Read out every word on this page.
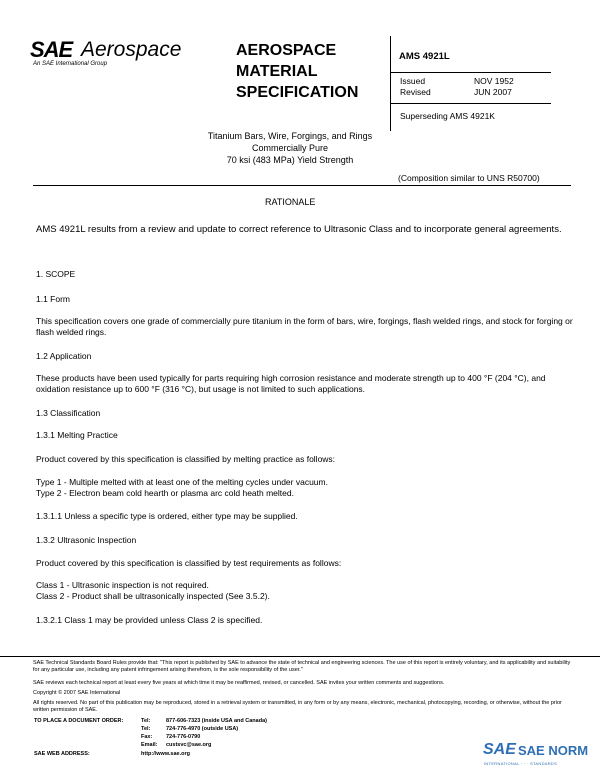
SAE Aerospace
An SAE International Group
AEROSPACE
MATERIAL
SPECIFICATION
AMS 4921L
Issued	NOV 1952
Revised	JUN 2007
Superseding AMS 4921K
Titanium Bars, Wire, Forgings, and Rings
Commercially Pure
70 ksi (483 MPa) Yield Strength
(Composition similar to UNS R50700)
RATIONALE
AMS 4921L results from a review and update to correct reference to Ultrasonic Class and to incorporate general agreements.
1. SCOPE
1.1 Form
This specification covers one grade of commercially pure titanium in the form of bars, wire, forgings, flash welded rings, and stock for forging or flash welded rings.
1.2 Application
These products have been used typically for parts requiring high corrosion resistance and moderate strength up to 400 °F (204 °C), and oxidation resistance up to 600 °F (316 °C), but usage is not limited to such applications.
1.3 Classification
1.3.1 Melting Practice
Product covered by this specification is classified by melting practice as follows:
Type 1 - Multiple melted with at least one of the melting cycles under vacuum.
Type 2 - Electron beam cold hearth or plasma arc cold heath melted.
1.3.1.1 Unless a specific type is ordered, either type may be supplied.
1.3.2 Ultrasonic Inspection
Product covered by this specification is classified by test requirements as follows:
Class 1 - Ultrasonic inspection is not required.
Class 2 - Product shall be ultrasonically inspected (See 3.5.2).
1.3.2.1 Class 1 may be provided unless Class 2 is specified.
SAE Technical Standards Board Rules provide that: "This report is published by SAE to advance the state of technical and engineering sciences. The use of this report is entirely voluntary, and its applicability and suitability for any particular use, including any patent infringement arising therefrom, is the sole responsibility of the user."
SAE reviews each technical report at least every five years at which time it may be reaffirmed, revised, or cancelled. SAE invites your written comments and suggestions.
Copyright © 2007 SAE International
All rights reserved. No part of this publication may be reproduced, stored in a retrieval system or transmitted, in any form or by any means, electronic, mechanical, photocopying, recording, or otherwise, without the prior written permission of SAE.
TO PLACE A DOCUMENT ORDER:	Tel:	877-606-7323 (inside USA and Canada)
Tel:	724-776-4970 (outside USA)
Fax: 724-776-0790
Email: custsvc@sae.org
SAE WEB ADDRESS:	http://www.sae.org	SAE SAE NORM
INTERNATIONAL · · · STANDARDS
